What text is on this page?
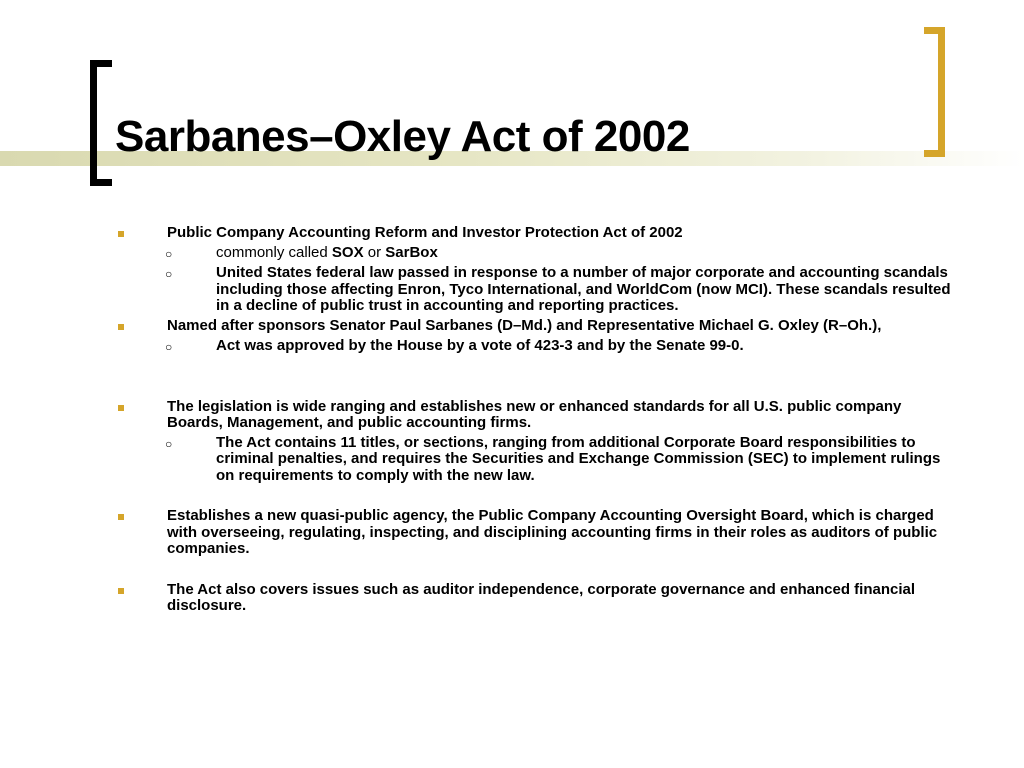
Sarbanes–Oxley Act of 2002
Public Company Accounting Reform and Investor Protection Act of 2002
○	commonly called SOX or SarBox
○	United States federal law passed in response to a number of major corporate and accounting scandals including those affecting Enron, Tyco International, and WorldCom (now MCI). These scandals resulted in a decline of public trust in accounting and reporting practices.
Named after sponsors Senator Paul Sarbanes (D–Md.) and Representative Michael G. Oxley (R–Oh.),
○	Act was approved by the House by a vote of 423-3 and by the Senate 99-0.
The legislation is wide ranging and establishes new or enhanced standards for all U.S. public company Boards, Management, and public accounting firms.
○	The Act contains 11 titles, or sections, ranging from additional Corporate Board responsibilities to criminal penalties, and requires the Securities and Exchange Commission (SEC) to implement rulings on requirements to comply with the new law.
Establishes a new quasi-public agency, the Public Company Accounting Oversight Board, which is charged with overseeing, regulating, inspecting, and disciplining accounting firms in their roles as auditors of public companies.
The Act also covers issues such as auditor independence, corporate governance and enhanced financial disclosure.
